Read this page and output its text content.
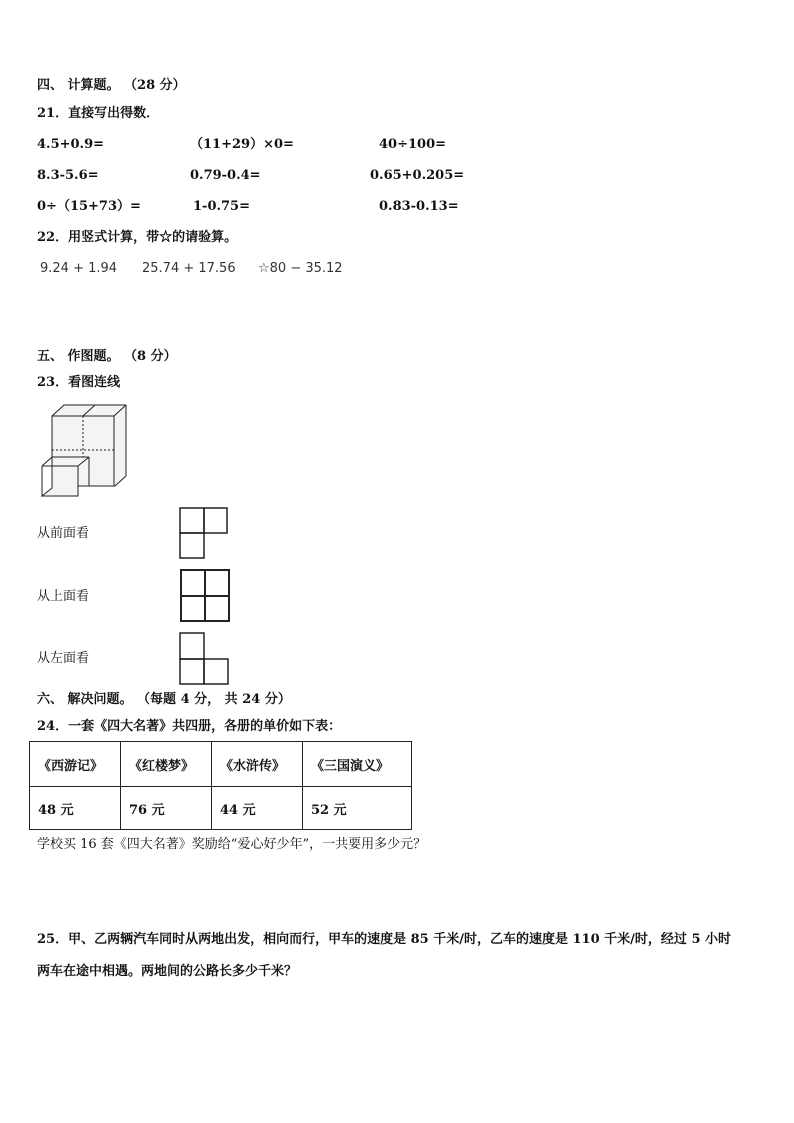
四、 计算题。 （28 分）
21．直接写出得数．
4.5+0.9=	（11+29）×0=	40÷100=
8.3-5.6=	0.79-0.4=	0.65+0.205=
0÷（15+73）=	1-0.75=	0.83-0.13=
22．用竖式计算，带☆的请验算。
9.24 + 1.94 25.74 + 17.56 ☆80 − 35.12
五、 作图题。 （8 分）
23．看图连线
从前面看
从上面看
从左面看
六、 解决问题。 （每题 4 分， 共 24 分）
24．一套《四大名著》共四册，各册的单价如下表：
《西游记》	《红楼梦》	《水浒传》	《三国演义》
48 元	76 元	44 元	52 元
学校买 16 套《四大名著》奖励给“爱心好少年”，一共要用多少元？
25．甲、乙两辆汽车同时从两地出发，相向而行，甲车的速度是 85 千米/时，乙车的速度是 110 千米/时，经过 5 小时
两车在途中相遇。两地间的公路长多少千米？
